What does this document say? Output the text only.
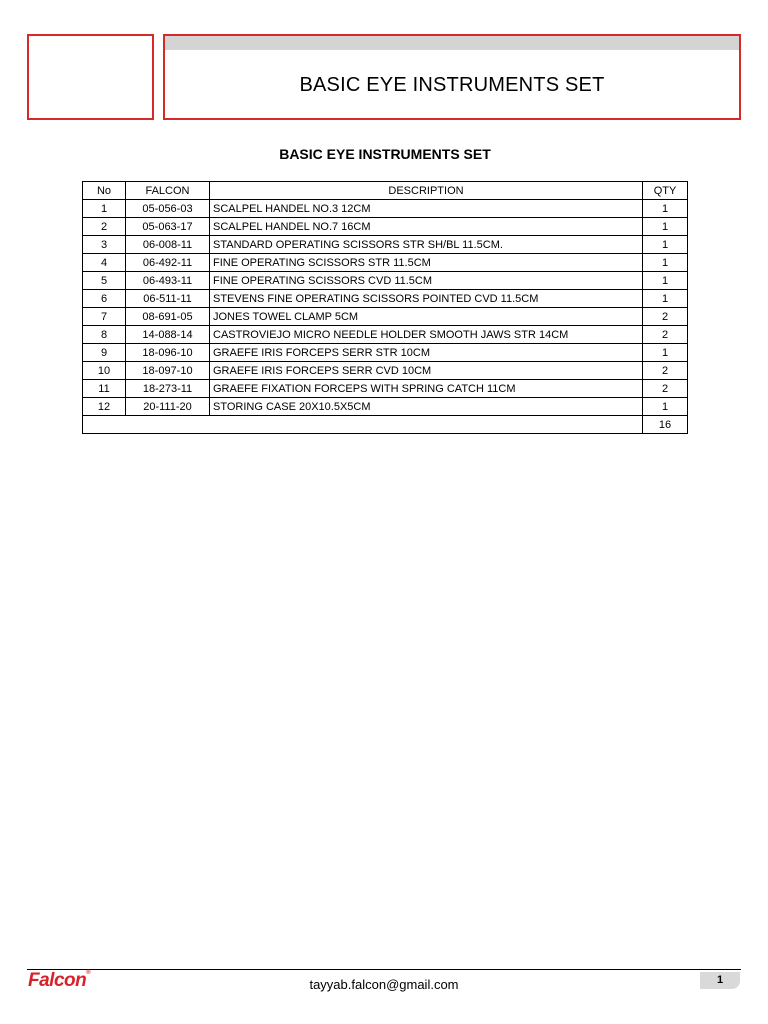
BASIC EYE INSTRUMENTS SET
BASIC EYE INSTRUMENTS SET
No	FALCON	DESCRIPTION	QTY
1	05-056-03	SCALPEL HANDEL NO.3 12CM	1
2	05-063-17	SCALPEL HANDEL NO.7 16CM	1
3	06-008-11	STANDARD OPERATING SCISSORS STR SH/BL 11.5CM.	1
4	06-492-11	FINE OPERATING SCISSORS STR 11.5CM	1
5	06-493-11	FINE OPERATING SCISSORS CVD 11.5CM	1
6	06-511-11	STEVENS FINE OPERATING SCISSORS POINTED CVD 11.5CM	1
7	08-691-05	JONES TOWEL CLAMP 5CM	2
8	14-088-14	CASTROVIEJO MICRO NEEDLE HOLDER SMOOTH JAWS STR 14CM	2
9	18-096-10	GRAEFE IRIS FORCEPS SERR STR 10CM	1
10	18-097-10	GRAEFE IRIS FORCEPS SERR CVD 10CM	2
11	18-273-11	GRAEFE FIXATION FORCEPS WITH SPRING CATCH 11CM	2
12	20-111-20	STORING CASE 20X10.5X5CM	1
			16
Falcon®
tayyab.falcon@gmail.com	1
